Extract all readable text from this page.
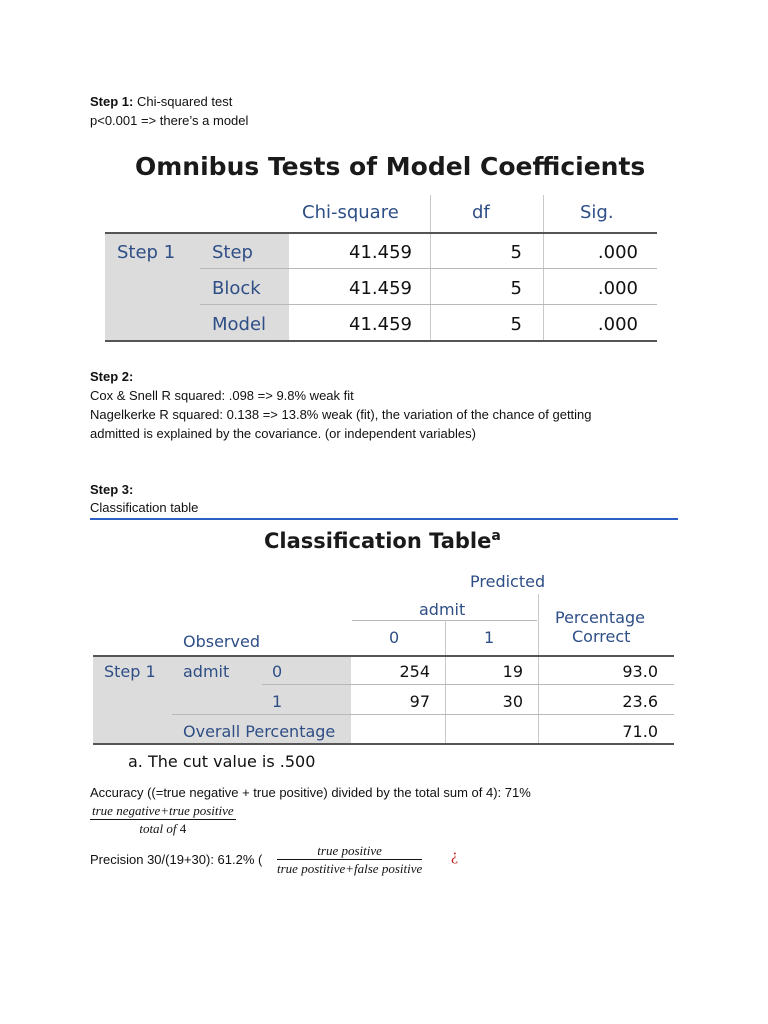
Step 1: Chi-squared test
p<0.001 => there’s a model
Omnibus Tests of Model Coefficients
Chi-square	df	Sig.
Step 1	Step	41.459	5	.000
Block	41.459	5	.000
Model	41.459	5	.000
Step 2:
Cox & Snell R squared: .098 => 9.8% weak fit
Nagelkerke R squared: 0.138 => 13.8% weak (fit), the variation of the chance of getting
admitted is explained by the covariance. (or independent variables)
Step 3:
Classification table
Classification Table$^a$
Predicted
admit	Percentage
Correct
Observed	0	1
Step 1	admit	0	254	19	93.0
1	97	30	23.6
Overall Percentage	71.0
a. The cut value is .500
Accuracy ((=true negative + true positive) divided by the total sum of 4): 71%
true negative+true positive
total of 4
Precision 30/(19+30): 61.2% (
true positive
true postitive+false positive
¿
